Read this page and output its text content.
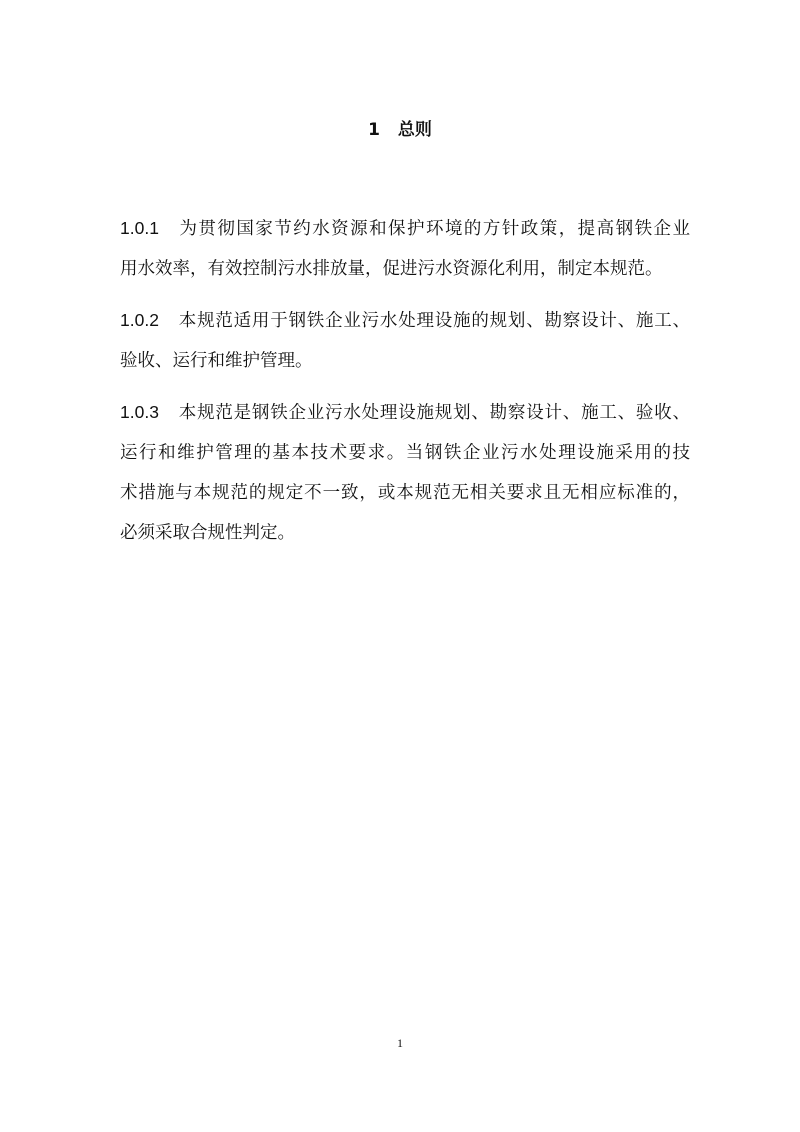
1 总则
1.0.1 为贯彻国家节约水资源和保护环境的方针政策，提高钢铁企业
用水效率，有效控制污水排放量，促进污水资源化利用，制定本规范。
1.0.2 本规范适用于钢铁企业污水处理设施的规划、勘察设计、施工、
验收、运行和维护管理。
1.0.3 本规范是钢铁企业污水处理设施规划、勘察设计、施工、验收、
运行和维护管理的基本技术要求。当钢铁企业污水处理设施采用的技
术措施与本规范的规定不一致，或本规范无相关要求且无相应标准的，
必须采取合规性判定。
1
